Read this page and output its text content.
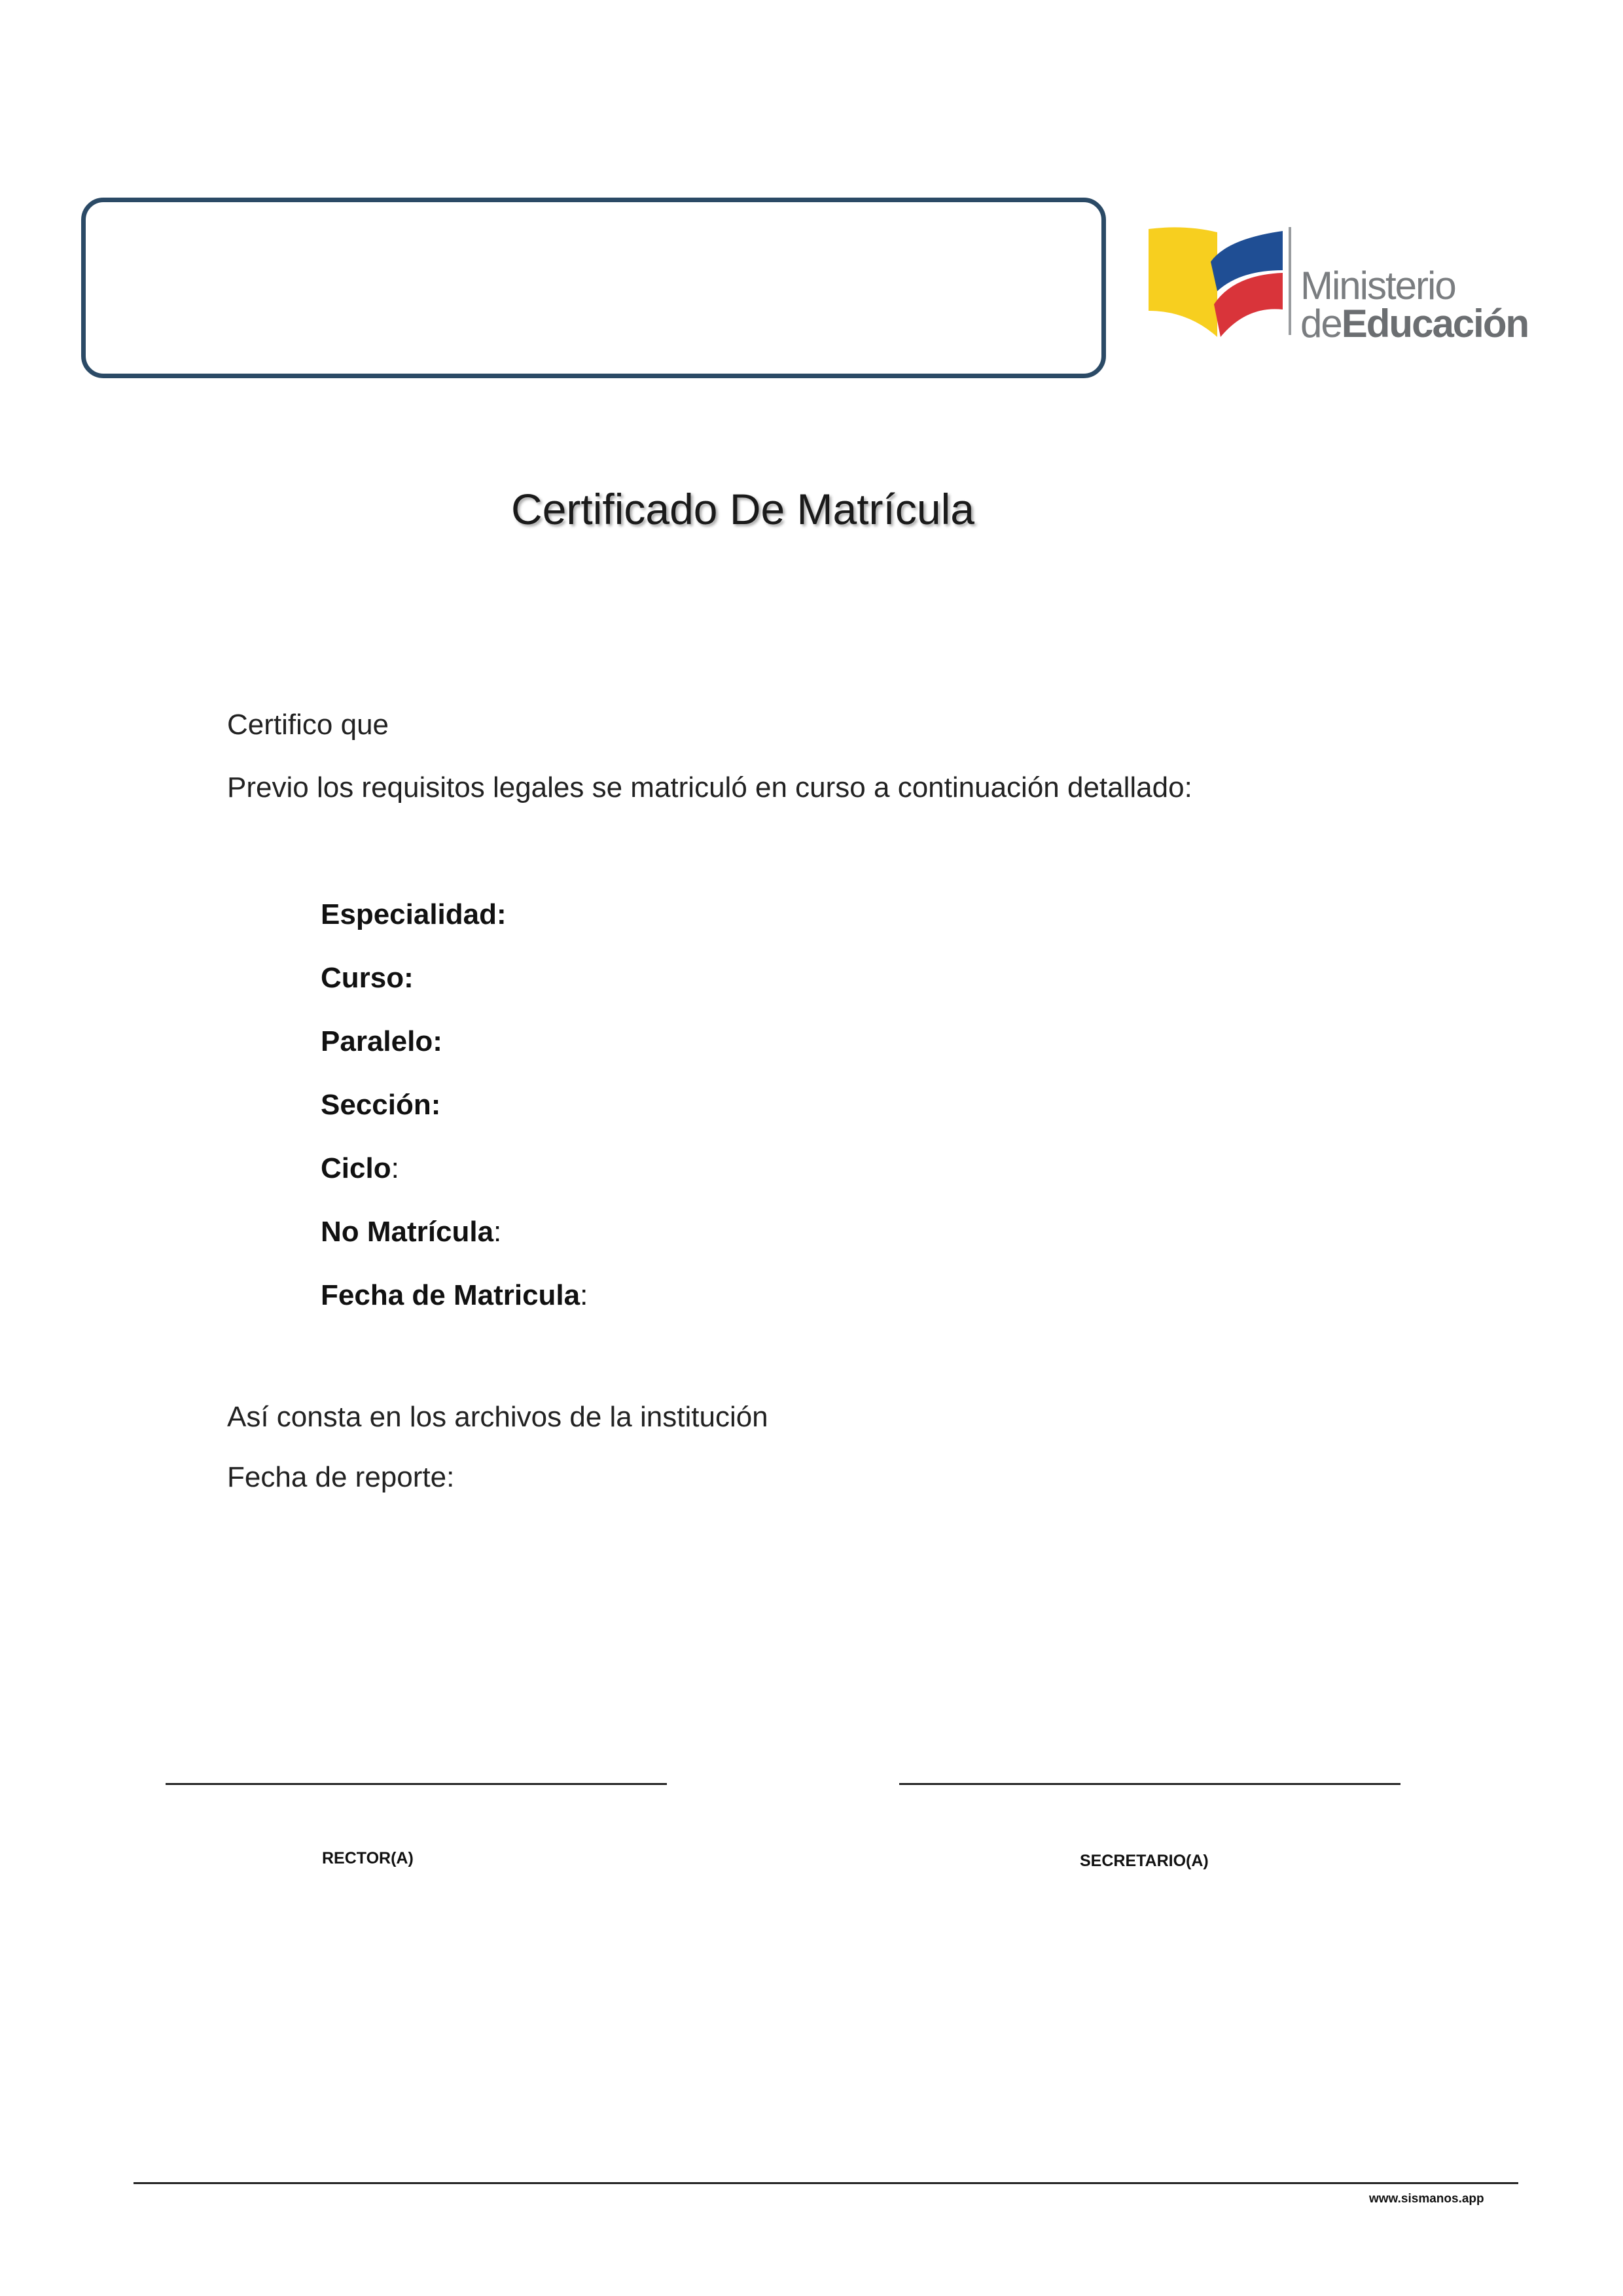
Ministerio
deEducación
Certificado De Matrícula
Certifico que
Previo los requisitos legales se matriculó en curso a continuación detallado:
Especialidad:
Curso:
Paralelo:
Sección:
Ciclo:
No Matrícula:
Fecha de Matricula:
Así consta en los archivos de la institución
Fecha de reporte:
RECTOR(A)	SECRETARIO(A)
www.sismanos.app
